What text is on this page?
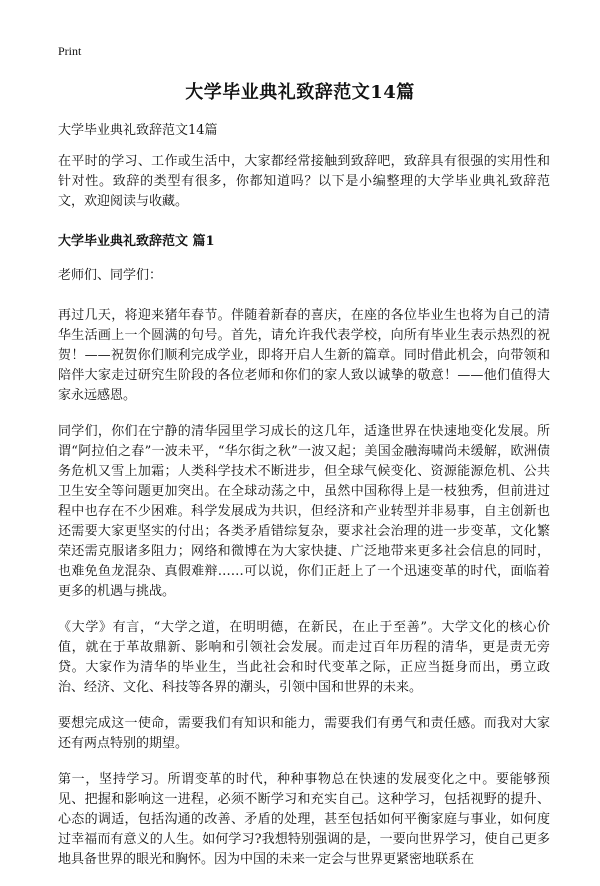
Print
大学毕业典礼致辞范文14篇

大学毕业典礼致辞范文14篇

在平时的学习、工作或生活中，大家都经常接触到致辞吧，致辞具有很强的实用性和针对性。致辞的类型有很多，你都知道吗？以下是小编整理的大学毕业典礼致辞范文，欢迎阅读与收藏。

大学毕业典礼致辞范文 篇1

老师们、同学们：

再过几天，将迎来猪年春节。伴随着新春的喜庆，在座的各位毕业生也将为自己的清华生活画上一个圆满的句号。首先，请允许我代表学校，向所有毕业生表示热烈的祝贺！——祝贺你们顺利完成学业，即将开启人生新的篇章。同时借此机会，向带领和陪伴大家走过研究生阶段的各位老师和你们的家人致以诚挚的敬意！——他们值得大家永远感恩。

同学们，你们在宁静的清华园里学习成长的这几年，适逢世界在快速地变化发展。所谓“阿拉伯之春”一波未平，“华尔街之秋”一波又起；美国金融海啸尚未缓解，欧洲债务危机又雪上加霜；人类科学技术不断进步，但全球气候变化、资源能源危机、公共卫生安全等问题更加突出。在全球动荡之中，虽然中国称得上是一枝独秀，但前进过程中也存在不少困难。科学发展成为共识，但经济和产业转型并非易事，自主创新也还需要大家更坚实的付出；各类矛盾错综复杂，要求社会治理的进一步变革，文化繁荣还需克服诸多阻力；网络和微博在为大家快捷、广泛地带来更多社会信息的同时，也难免鱼龙混杂、真假难辩……可以说，你们正赶上了一个迅速变革的时代，面临着更多的机遇与挑战。

《大学》有言，“大学之道，在明明德，在新民，在止于至善”。大学文化的核心价值，就在于革故鼎新、影响和引领社会发展。而走过百年历程的清华，更是责无旁贷。大家作为清华的毕业生，当此社会和时代变革之际，正应当挺身而出，勇立政治、经济、文化、科技等各界的潮头，引领中国和世界的未来。

要想完成这一使命，需要我们有知识和能力，需要我们有勇气和责任感。而我对大家还有两点特别的期望。

第一，坚持学习。所谓变革的时代，种种事物总在快速的发展变化之中。要能够预见、把握和影响这一进程，必须不断学习和充实自己。这种学习，包括视野的提升、心态的调适，包括沟通的改善、矛盾的处理，甚至包括如何平衡家庭与事业，如何度过幸福而有意义的人生。如何学习?我想特别强调的是，一要向世界学习，使自己更多地具备世界的眼光和胸怀。因为中国的未来一定会与世界更紧密地联系在
